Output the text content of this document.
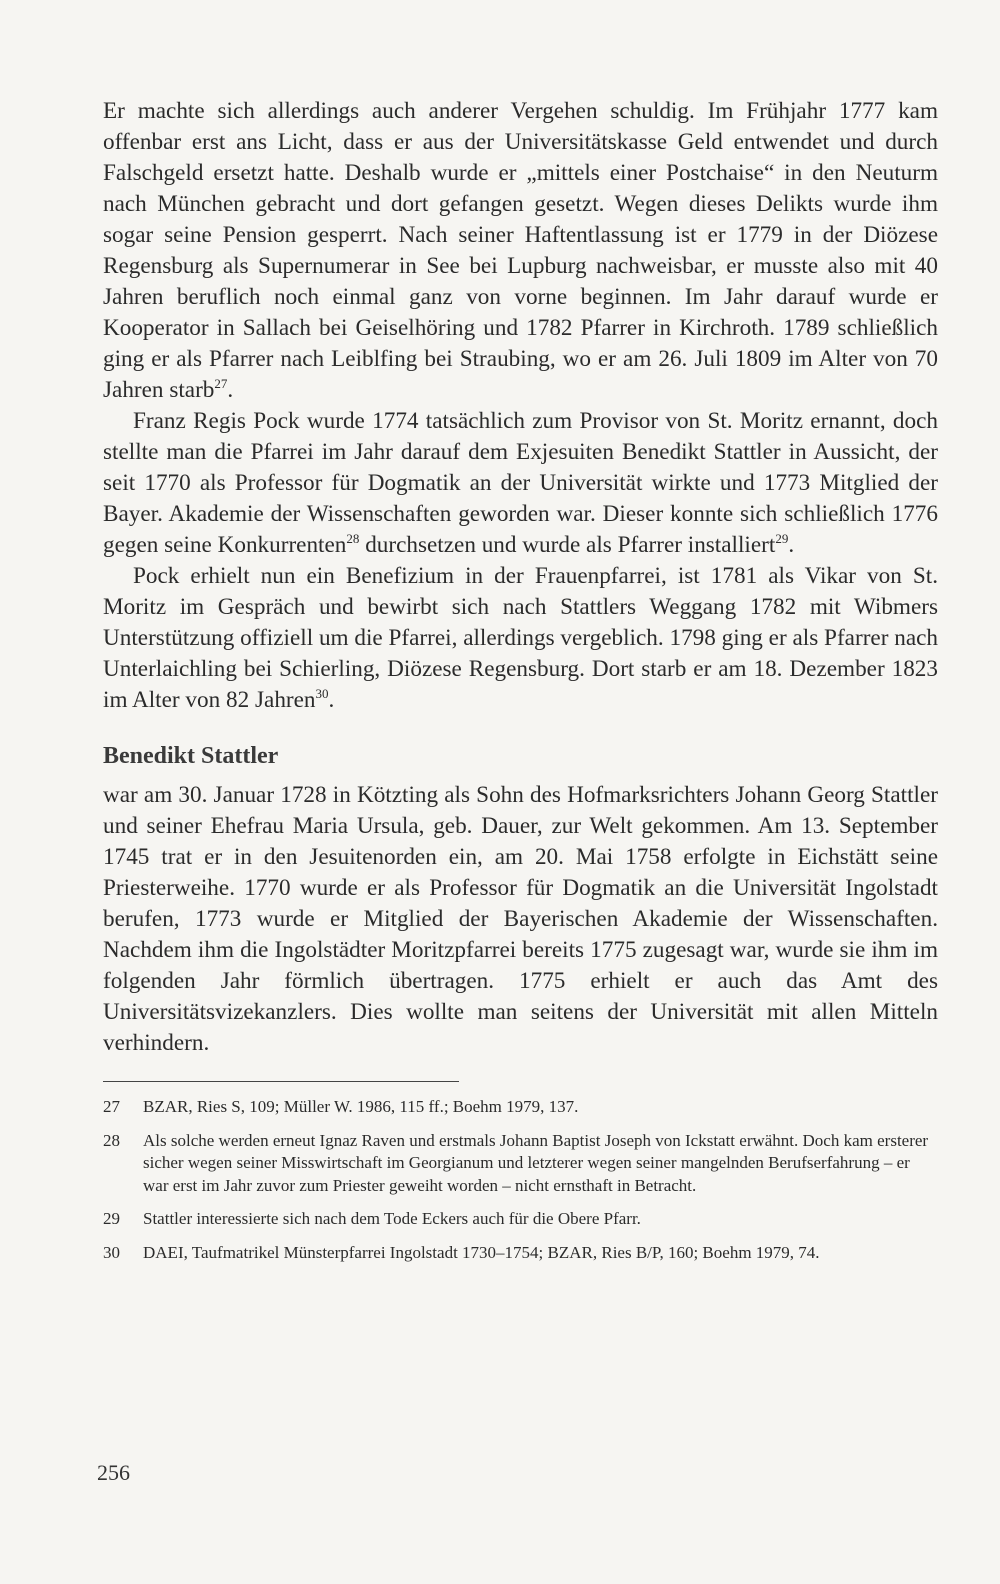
Er machte sich allerdings auch anderer Vergehen schuldig. Im Frühjahr 1777 kam offenbar erst ans Licht, dass er aus der Universitätskasse Geld entwendet und durch Falschgeld ersetzt hatte. Deshalb wurde er „mittels einer Postchaise“ in den Neuturm nach München gebracht und dort gefangen gesetzt. Wegen dieses Delikts wurde ihm sogar seine Pension gesperrt. Nach seiner Haftentlassung ist er 1779 in der Diözese Regensburg als Supernumerar in See bei Lupburg nachweisbar, er musste also mit 40 Jahren beruflich noch einmal ganz von vorne beginnen. Im Jahr darauf wurde er Kooperator in Sallach bei Geiselhöring und 1782 Pfarrer in Kirchroth. 1789 schließlich ging er als Pfarrer nach Leiblfing bei Straubing, wo er am 26. Juli 1809 im Alter von 70 Jahren starb$^{27}$.

Franz Regis Pock wurde 1774 tatsächlich zum Provisor von St. Moritz ernannt, doch stellte man die Pfarrei im Jahr darauf dem Exjesuiten Benedikt Stattler in Aussicht, der seit 1770 als Professor für Dogmatik an der Universität wirkte und 1773 Mitglied der Bayer. Akademie der Wissenschaften geworden war. Dieser konnte sich schließlich 1776 gegen seine Konkurrenten$^{28}$ durchsetzen und wurde als Pfarrer installiert$^{29}$.

Pock erhielt nun ein Benefizium in der Frauenpfarrei, ist 1781 als Vikar von St. Moritz im Gespräch und bewirbt sich nach Stattlers Weggang 1782 mit Wibmers Unterstützung offiziell um die Pfarrei, allerdings vergeblich. 1798 ging er als Pfarrer nach Unterlaichling bei Schierling, Diözese Regensburg. Dort starb er am 18. Dezember 1823 im Alter von 82 Jahren$^{30}$.

Benedikt Stattler

war am 30. Januar 1728 in Kötzting als Sohn des Hofmarksrichters Johann Georg Stattler und seiner Ehefrau Maria Ursula, geb. Dauer, zur Welt gekommen. Am 13. September 1745 trat er in den Jesuitenorden ein, am 20. Mai 1758 erfolgte in Eichstätt seine Priesterweihe. 1770 wurde er als Professor für Dogmatik an die Universität Ingolstadt berufen, 1773 wurde er Mitglied der Bayerischen Akademie der Wissenschaften. Nachdem ihm die Ingolstädter Moritzpfarrei bereits 1775 zugesagt war, wurde sie ihm im folgenden Jahr förmlich übertragen. 1775 erhielt er auch das Amt des Universitätsvizekanzlers. Dies wollte man seitens der Universität mit allen Mitteln verhindern.

27	BZAR, Ries S, 109; Müller W. 1986, 115 ff.; Boehm 1979, 137.
28	Als solche werden erneut Ignaz Raven und erstmals Johann Baptist Joseph von Ickstatt erwähnt. Doch kam ersterer sicher wegen seiner Misswirtschaft im Georgianum und letzterer wegen seiner mangelnden Berufserfahrung – er war erst im Jahr zuvor zum Priester geweiht worden – nicht ernsthaft in Betracht.
29	Stattler interessierte sich nach dem Tode Eckers auch für die Obere Pfarr.
30	DAEI, Taufmatrikel Münsterpfarrei Ingolstadt 1730–1754; BZAR, Ries B/P, 160; Boehm 1979, 74.
256
